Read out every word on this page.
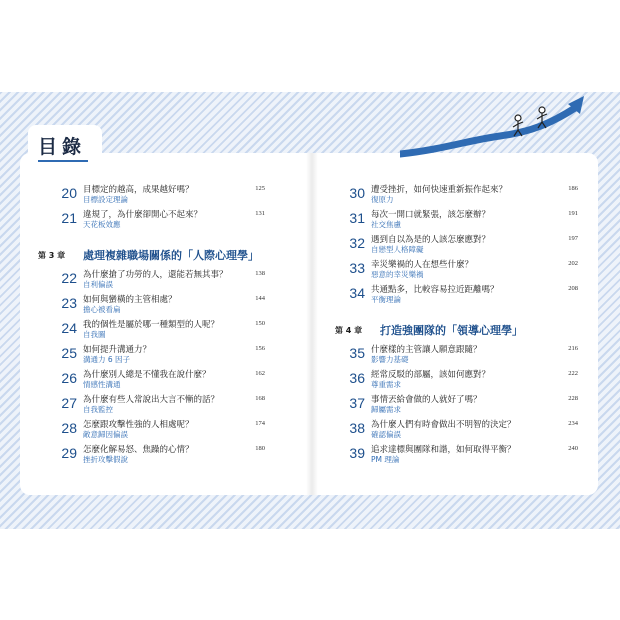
目錄
20 目標定的越高，成果越好嗎？
目標設定理論
125
21 違規了，為什麼卻開心不起來？
天花板效應
131
第 3 章 處理複雜職場關係的「人際心理學」
22 為什麼搶了功勞的人，還能若無其事？
自利偏誤
138
23 如何與蠻橫的主管相處？
擔心被看扁
144
24 我的個性是屬於哪一種類型的人呢？
自我圖
150
25 如何提升溝通力？
溝通力 6 因子
156
26 為什麼別人總是不懂我在說什麼？
情感性溝通
162
27 為什麼有些人常說出大言不慚的話？
自我監控
168
28 怎麼跟攻擊性強的人相處呢？
敵意歸因偏誤
174
29 怎麼化解易怒、焦躁的心情？
挫折攻擊假說
180
30 遭受挫折，如何快速重新振作起來？
復原力
186
31 每次一開口就緊張，該怎麼辦？
社交焦慮
191
32 遇到自以為是的人該怎麼應對？
自戀型人格障礙
197
33 幸災樂禍的人在想些什麼？
惡意的幸災樂禍
202
34 共通點多，比較容易拉近距離嗎？
平衡理論
208
第 4 章 打造強團隊的「領導心理學」
35 什麼樣的主管讓人願意跟隨？
影響力基礎
216
36 經常反駁的部屬，該如何應對？
尊重需求
222
37 事情丟給會做的人就好了嗎？
歸屬需求
228
38 為什麼人們有時會做出不明智的決定？
確認偏誤
234
39 追求達標與團隊和諧，如何取得平衡？
PM 理論
240
